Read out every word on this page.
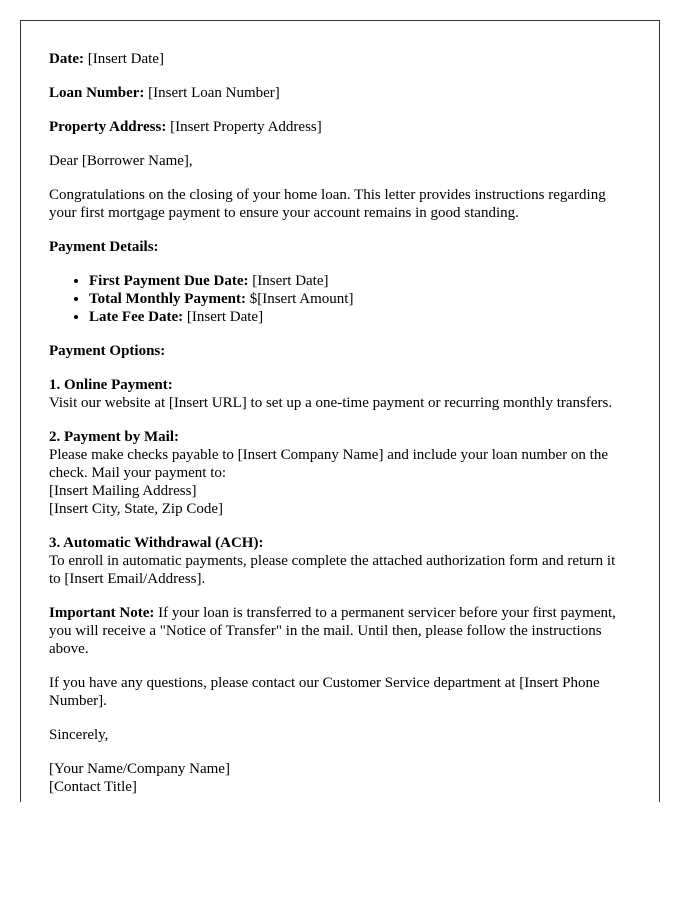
Date: [Insert Date]

Loan Number: [Insert Loan Number]

Property Address: [Insert Property Address]

Dear [Borrower Name],

Congratulations on the closing of your home loan. This letter provides instructions regarding your first mortgage payment to ensure your account remains in good standing.

Payment Details:

• First Payment Due Date: [Insert Date]
• Total Monthly Payment: $[Insert Amount]
• Late Fee Date: [Insert Date]

Payment Options:

1. Online Payment:
Visit our website at [Insert URL] to set up a one-time payment or recurring monthly transfers.

2. Payment by Mail:
Please make checks payable to [Insert Company Name] and include your loan number on the check. Mail your payment to:
[Insert Mailing Address]
[Insert City, State, Zip Code]

3. Automatic Withdrawal (ACH):
To enroll in automatic payments, please complete the attached authorization form and return it to [Insert Email/Address].

Important Note: If your loan is transferred to a permanent servicer before your first payment, you will receive a "Notice of Transfer" in the mail. Until then, please follow the instructions above.

If you have any questions, please contact our Customer Service department at [Insert Phone Number].

Sincerely,

[Your Name/Company Name]
[Contact Title]
